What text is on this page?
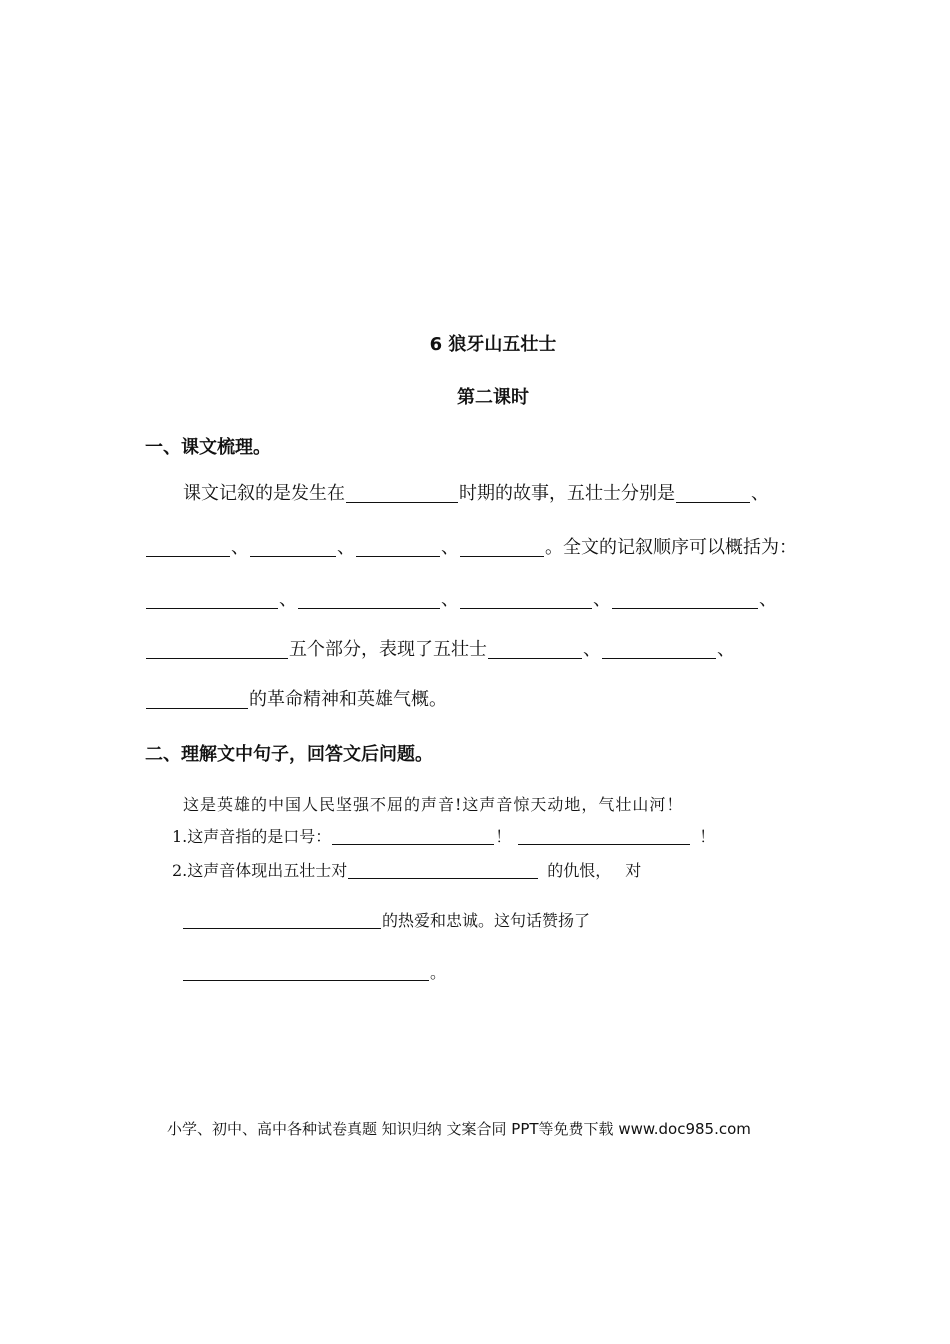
6 狼牙山五壮士
第二课时
一、课文梳理。
课文记叙的是发生在	时期的故事，五壮士分别是	、
、	、	、	。全文的记叙顺序可以概括为：
、	、	、	、
五个部分，表现了五壮士	、	、
的革命精神和英雄气概。
二、理解文中句子，回答文后问题。
这是英雄的中国人民坚强不屈的声音!这声音惊天动地，气壮山河！
1.这声音指的是口号：	！	！
2.这声音体现出五壮士对	的仇恨， 对
的热爱和忠诚。这句话赞扬了
。
小学、初中、高中各种试卷真题 知识归纳 文案合同 PPT等免费下载 www.doc985.com
